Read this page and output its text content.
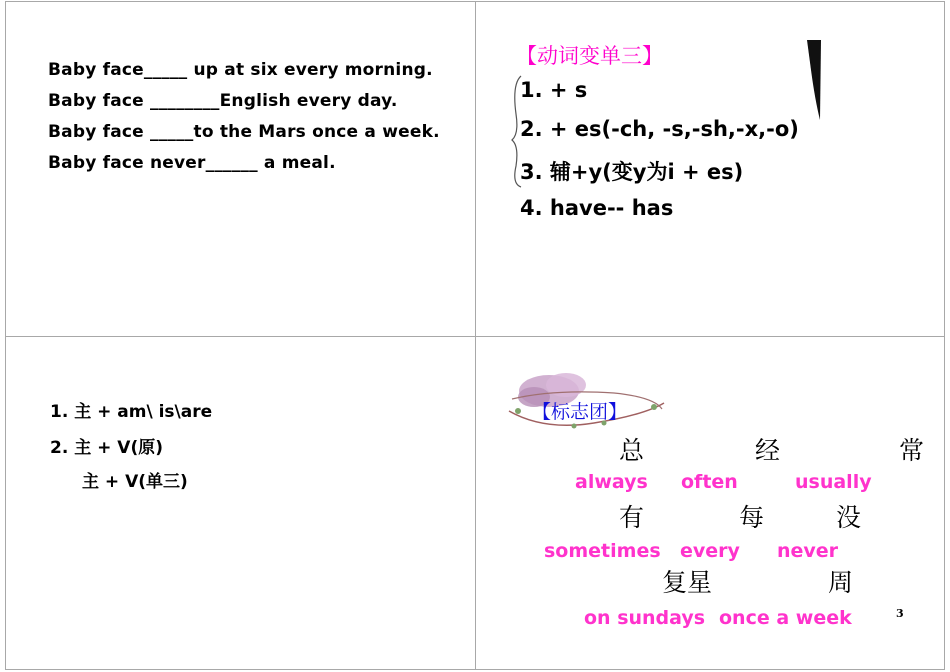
Baby face_____ up at six every morning.
Baby face ________English every day.
Baby face _____to the Mars once a week.
Baby face never______ a meal.
【动词变单三】
1. + s
2. + es(-ch, -s,-sh,-x,-o)
3. 辅+y(变y为i + es)
4. have-- has
1. 主 + am\ is\are
2. 主 + V(原)
主 + V(单三)
【标志团】
总	经	常
always often	usually
有	每	没
sometimes every never
复星	周
on sundays once a week	3
